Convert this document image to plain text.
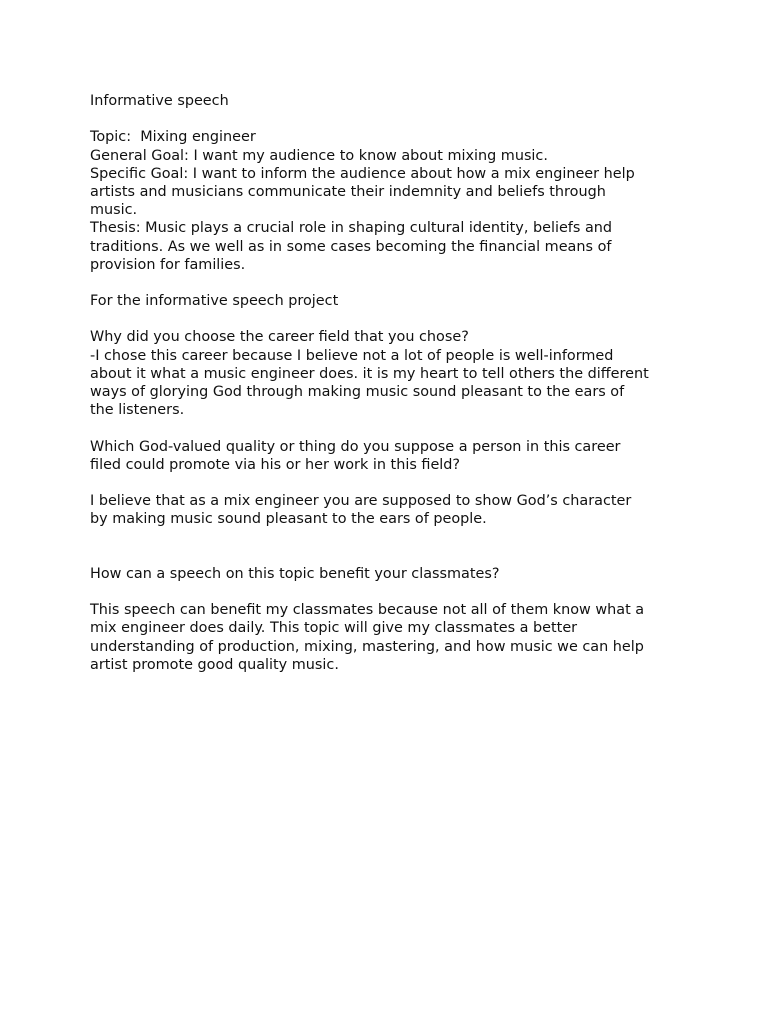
Informative speech
Topic:  Mixing engineer
General Goal: I want my audience to know about mixing music.
Specific Goal: I want to inform the audience about how a mix engineer help
artists and musicians communicate their indemnity and beliefs through
music.
Thesis: Music plays a crucial role in shaping cultural identity, beliefs and
traditions. As we well as in some cases becoming the financial means of
provision for families.
For the informative speech project
Why did you choose the career field that you chose?
-I chose this career because I believe not a lot of people is well-informed
about it what a music engineer does. it is my heart to tell others the different
ways of glorying God through making music sound pleasant to the ears of
the listeners.
Which God-valued quality or thing do you suppose a person in this career
filed could promote via his or her work in this field?
I believe that as a mix engineer you are supposed to show God’s character
by making music sound pleasant to the ears of people.
How can a speech on this topic benefit your classmates?
This speech can benefit my classmates because not all of them know what a
mix engineer does daily. This topic will give my classmates a better
understanding of production, mixing, mastering, and how music we can help
artist promote good quality music.
